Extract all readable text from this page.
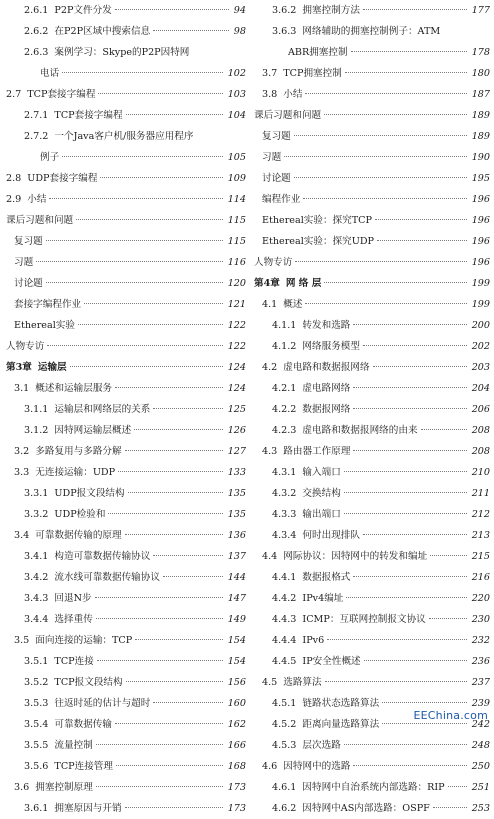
2.6.1 P2P文件分发	94
2.6.2 在P2P区域中搜索信息	98
2.6.3 案例学习：Skype的P2P因特网
电话	102
2.7 TCP套接字编程	103
2.7.1 TCP套接字编程	104
2.7.2 一个Java客户机/服务器应用程序
例子	105
2.8 UDP套接字编程	109
2.9 小结	114
课后习题和问题	115
复习题	115
习题	116
讨论题	120
套接字编程作业	121
Ethereal实验	122
人物专访	122
第3章 运输层	124
3.1 概述和运输层服务	124
3.1.1 运输层和网络层的关系	125
3.1.2 因特网运输层概述	126
3.2 多路复用与多路分解	127
3.3 无连接运输：UDP	133
3.3.1 UDP报文段结构	135
3.3.2 UDP检验和	135
3.4 可靠数据传输的原理	136
3.4.1 构造可靠数据传输协议	137
3.4.2 流水线可靠数据传输协议	144
3.4.3 回退N步	147
3.4.4 选择重传	149
3.5 面向连接的运输：TCP	154
3.5.1 TCP连接	154
3.5.2 TCP报文段结构	156
3.5.3 往返时延的估计与超时	160
3.5.4 可靠数据传输	162
3.5.5 流量控制	166
3.5.6 TCP连接管理	168
3.6 拥塞控制原理	173
3.6.1 拥塞原因与开销	173
3.6.2 拥塞控制方法	177
3.6.3 网络辅助的拥塞控制例子：ATM
ABR拥塞控制	178
3.7 TCP拥塞控制	180
3.8 小结	187
课后习题和问题	189
复习题	189
习题	190
讨论题	195
编程作业	196
Ethereal实验：探究TCP	196
Ethereal实验：探究UDP	196
人物专访	196
第4章 网 络 层	199
4.1 概述	199
4.1.1 转发和选路	200
4.1.2 网络服务模型	202
4.2 虚电路和数据报网络	203
4.2.1 虚电路网络	204
4.2.2 数据报网络	206
4.2.3 虚电路和数据报网络的由来	208
4.3 路由器工作原理	208
4.3.1 输入端口	210
4.3.2 交换结构	211
4.3.3 输出端口	212
4.3.4 何时出现排队	213
4.4 网际协议：因特网中的转发和编址	215
4.4.1 数据报格式	216
4.4.2 IPv4编址	220
4.4.3 ICMP：互联网控制报文协议	230
4.4.4 IPv6	232
4.4.5 IP安全性概述	236
4.5 选路算法	237
4.5.1 链路状态选路算法	239
4.5.2 距离向量选路算法	242
4.5.3 层次选路	248
4.6 因特网中的选路	250
4.6.1 因特网中自治系统内部选路：RIP	251
4.6.2 因特网中AS内部选路：OSPF	253
EEChina.com
